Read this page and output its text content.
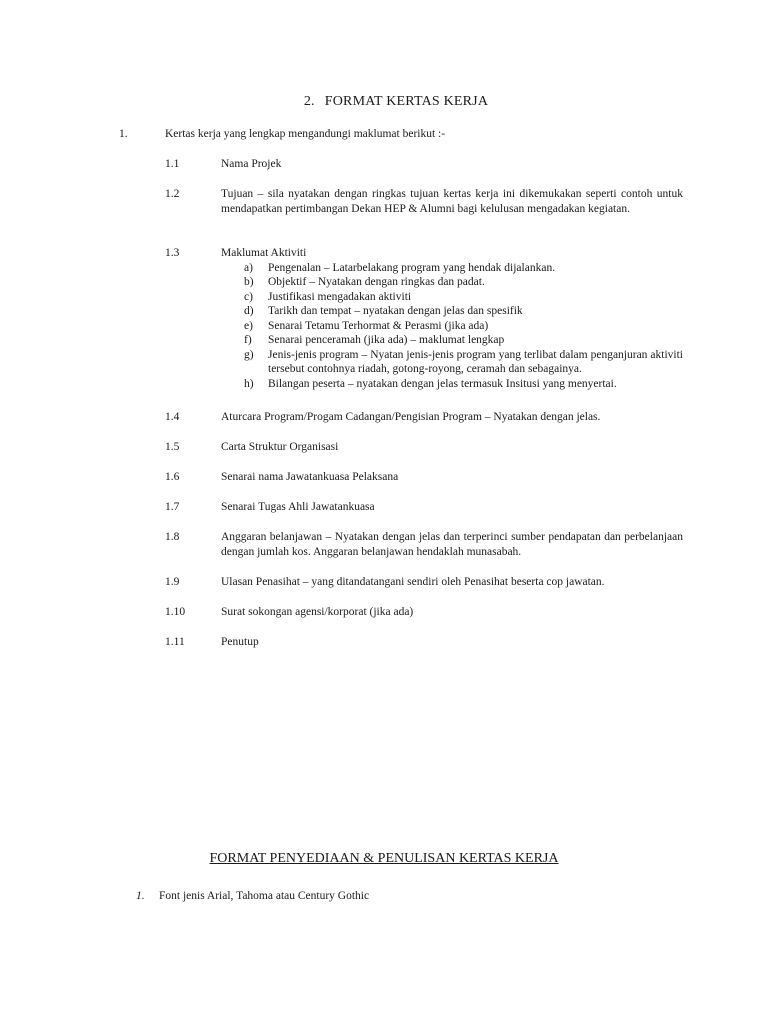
2. FORMAT KERTAS KERJA
1.	Kertas kerja yang lengkap mengandungi maklumat berikut :-
1.1	Nama Projek
1.2	Tujuan – sila nyatakan dengan ringkas tujuan kertas kerja ini dikemukakan seperti contoh untuk mendapatkan pertimbangan Dekan HEP & Alumni bagi kelulusan mengadakan kegiatan.
1.3	Maklumat Aktiviti
a)	Pengenalan – Latarbelakang program yang hendak dijalankan.
b)	Objektif – Nyatakan dengan ringkas dan padat.
c)	Justifikasi mengadakan aktiviti
d)	Tarikh dan tempat – nyatakan dengan jelas dan spesifik
e)	Senarai Tetamu Terhormat & Perasmi (jika ada)
f)	Senarai penceramah (jika ada) – maklumat lengkap
g)	Jenis-jenis program – Nyatan jenis-jenis program yang terlibat dalam penganjuran aktiviti tersebut contohnya riadah, gotong-royong, ceramah dan sebagainya.
h)	Bilangan peserta – nyatakan dengan jelas termasuk Insitusi yang menyertai.
1.4	Aturcara Program/Progam Cadangan/Pengisian Program – Nyatakan dengan jelas.
1.5	Carta Struktur Organisasi
1.6	Senarai nama Jawatankuasa Pelaksana
1.7	Senarai Tugas Ahli Jawatankuasa
1.8	Anggaran belanjawan – Nyatakan dengan jelas dan terperinci sumber pendapatan dan perbelanjaan dengan jumlah kos. Anggaran belanjawan hendaklah munasabah.
1.9	Ulasan Penasihat – yang ditandatangani sendiri oleh Penasihat beserta cop jawatan.
1.10	Surat sokongan agensi/korporat (jika ada)
1.11	Penutup
FORMAT PENYEDIAAN & PENULISAN KERTAS KERJA
1. Font jenis Arial, Tahoma atau Century Gothic
